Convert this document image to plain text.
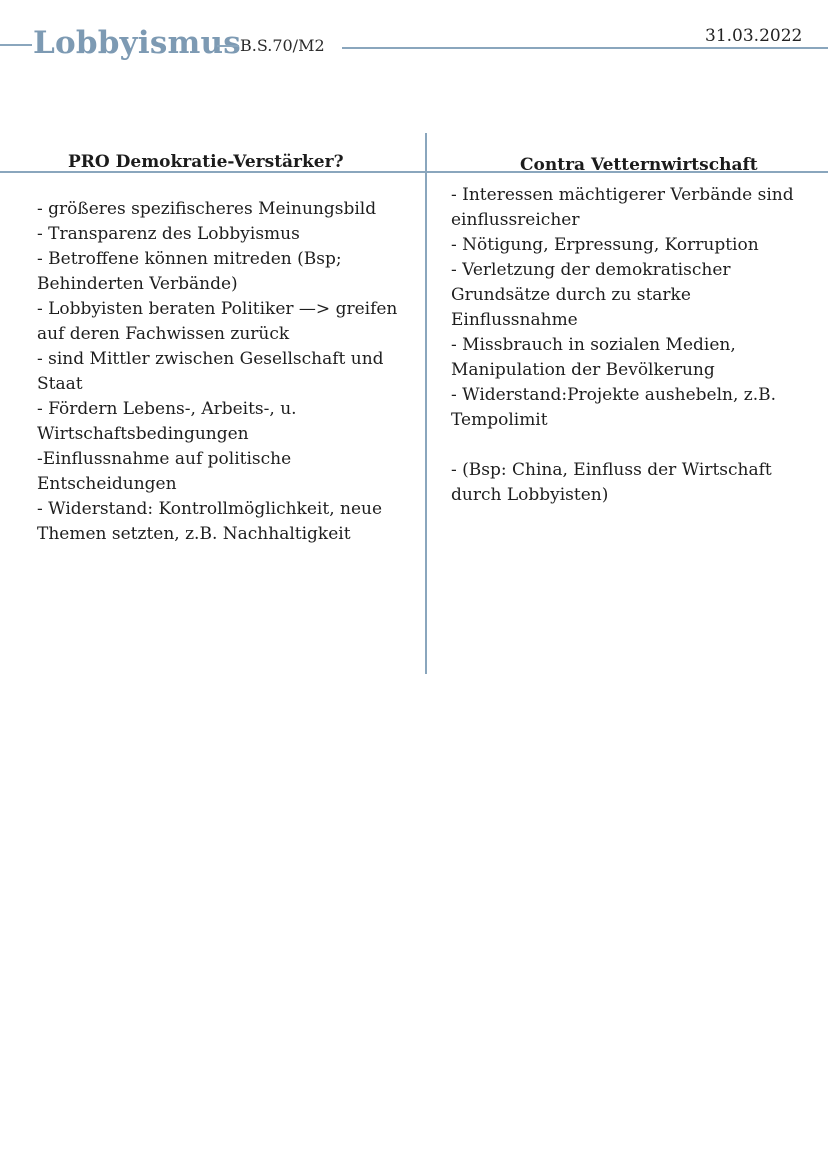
Lobbyismus B.S.70/M2	31.03.2022
PRO Demokratie-Verstärker?	Contra Vetternwirtschaft
- größeres spezifischeres Meinungsbild
- Transparenz des Lobbyismus
- Betroffene können mitreden (Bsp; Behinderten Verbände)
- Lobbyisten beraten Politiker —> greifen auf deren Fachwissen zurück
- sind Mittler zwischen Gesellschaft und Staat
- Fördern Lebens-, Arbeits-, u. Wirtschaftsbedingungen
-Einflussnahme auf politische Entscheidungen
- Widerstand: Kontrollmöglichkeit, neue Themen setzten, z.B. Nachhaltigkeit
- Interessen mächtigerer Verbände sind einflussreicher
- Nötigung, Erpressung, Korruption
- Verletzung der demokratischer Grundsätze durch zu starke Einflussnahme
- Missbrauch in sozialen Medien, Manipulation der Bevölkerung
- Widerstand:Projekte aushebeln, z.B. Tempolimit
- (Bsp: China, Einfluss der Wirtschaft durch Lobbyisten)
